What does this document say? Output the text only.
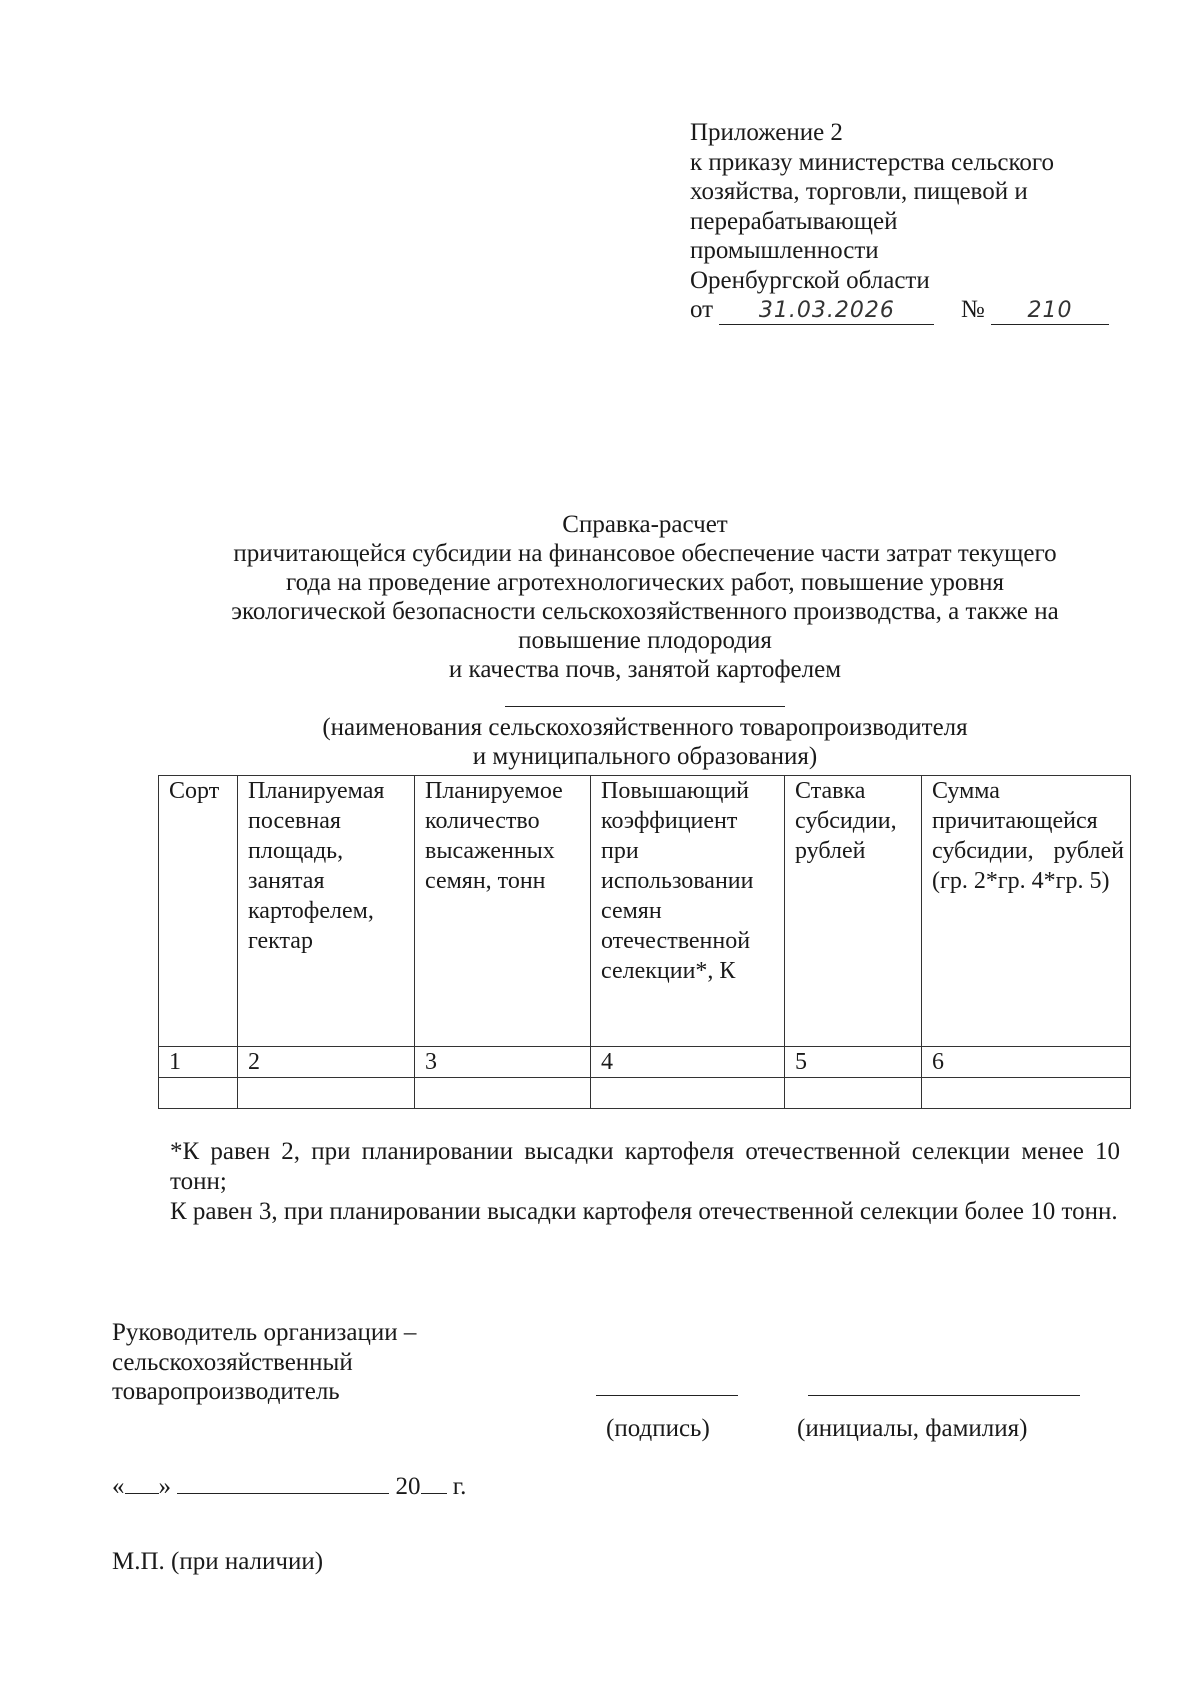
Приложение 2
к приказу министерства сельского
хозяйства, торговли, пищевой и
перерабатывающей
промышленности
Оренбургской области
от 31.03.2026	№ 210
Справка-расчет
причитающейся субсидии на финансовое обеспечение части затрат текущего
года на проведение агротехнологических работ, повышение уровня
экологической безопасности сельскохозяйственного производства, а также на
повышение плодородия
и качества почв, занятой картофелем
(наименования сельскохозяйственного товаропроизводителя
и муниципального образования)
Сорт	Планируемая посевная площадь, занятая картофелем, гектар	Планируемое количество высаженных семян, тонн	Повышающий коэффициент при использовании семян отечественной селекции*, К	Ставка субсидии, рублей	Сумма причитающейся субсидии, рублей (гр. 2*гр. 4*гр. 5)
1	2	3	4	5	6

*К равен 2, при планировании высадки картофеля отечественной селекции менее 10 тонн;

К равен 3, при планировании высадки картофеля отечественной селекции более 10 тонн.

Руководитель организации –
сельскохозяйственный
товаропроизводитель
(подпись)	(инициалы, фамилия)
« »	20 г.
М.П. (при наличии)
